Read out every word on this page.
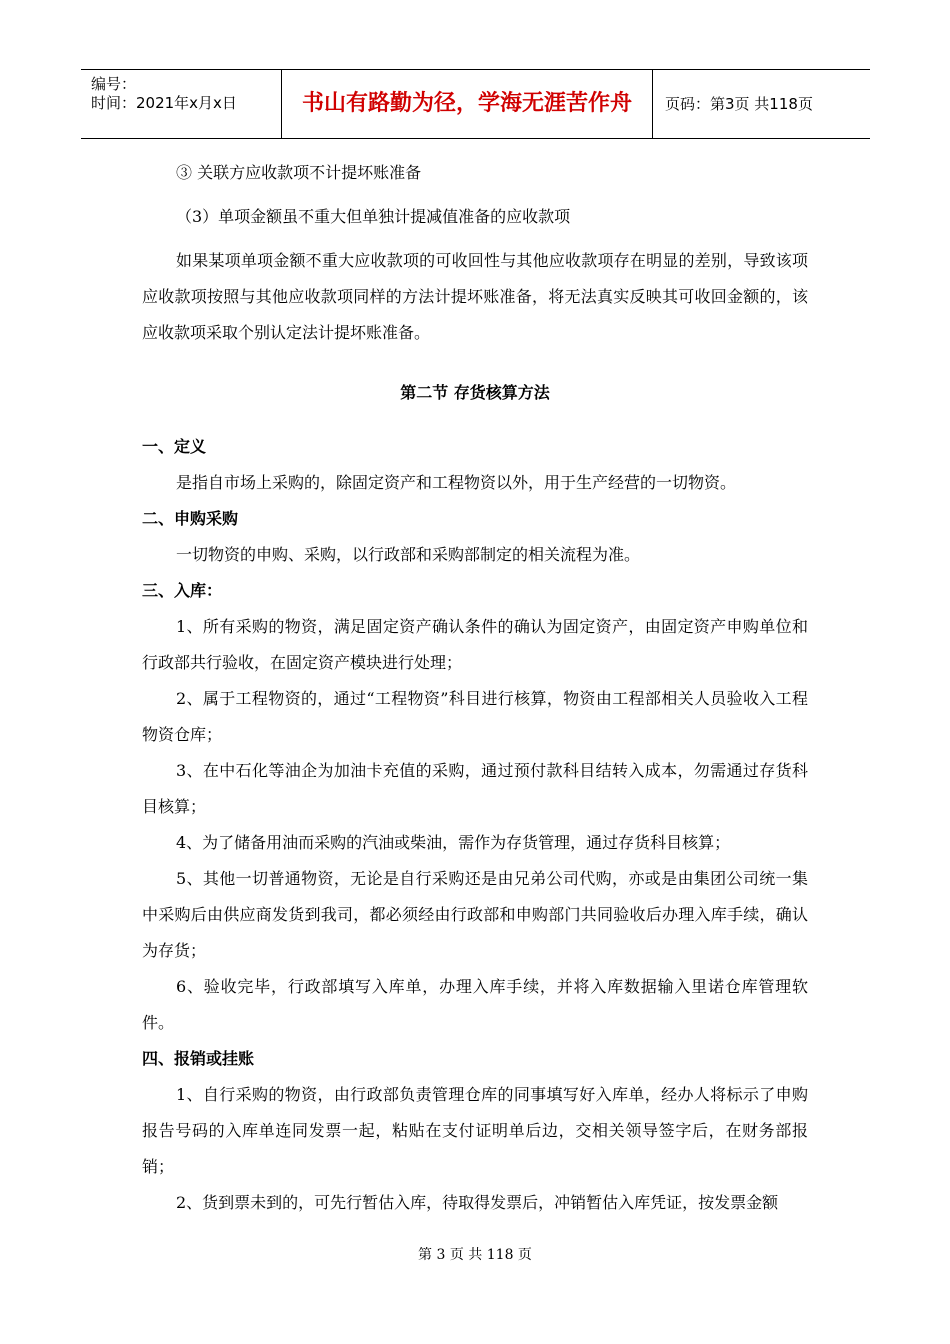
编号：
时间：2021年x月x日	书山有路勤为径，学海无涯苦作舟	页码：第3页 共118页

③ 关联方应收款项不计提坏账准备

（3）单项金额虽不重大但单独计提减值准备的应收款项

如果某项单项金额不重大应收款项的可收回性与其他应收款项存在明显的差别，导致该项应收款项按照与其他应收款项同样的方法计提坏账准备，将无法真实反映其可收回金额的，该应收款项采取个别认定法计提坏账准备。

第二节 存货核算方法
一、定义

是指自市场上采购的，除固定资产和工程物资以外，用于生产经营的一切物资。

二、申购采购

一切物资的申购、采购，以行政部和采购部制定的相关流程为准。

三、入库：

1、所有采购的物资，满足固定资产确认条件的确认为固定资产，由固定资产申购单位和行政部共行验收，在固定资产模块进行处理；

2、属于工程物资的，通过“工程物资”科目进行核算，物资由工程部相关人员验收入工程物资仓库；

3、在中石化等油企为加油卡充值的采购，通过预付款科目结转入成本，勿需通过存货科目核算；

4、为了储备用油而采购的汽油或柴油，需作为存货管理，通过存货科目核算；

5、其他一切普通物资，无论是自行采购还是由兄弟公司代购，亦或是由集团公司统一集中采购后由供应商发货到我司，都必须经由行政部和申购部门共同验收后办理入库手续，确认为存货；

6、验收完毕，行政部填写入库单，办理入库手续，并将入库数据输入里诺仓库管理软件。

四、报销或挂账

1、自行采购的物资，由行政部负责管理仓库的同事填写好入库单，经办人将标示了申购报告号码的入库单连同发票一起，粘贴在支付证明单后边，交相关领导签字后，在财务部报销；

2、货到票未到的，可先行暂估入库，待取得发票后，冲销暂估入库凭证，按发票金额

第 3 页 共 118 页
